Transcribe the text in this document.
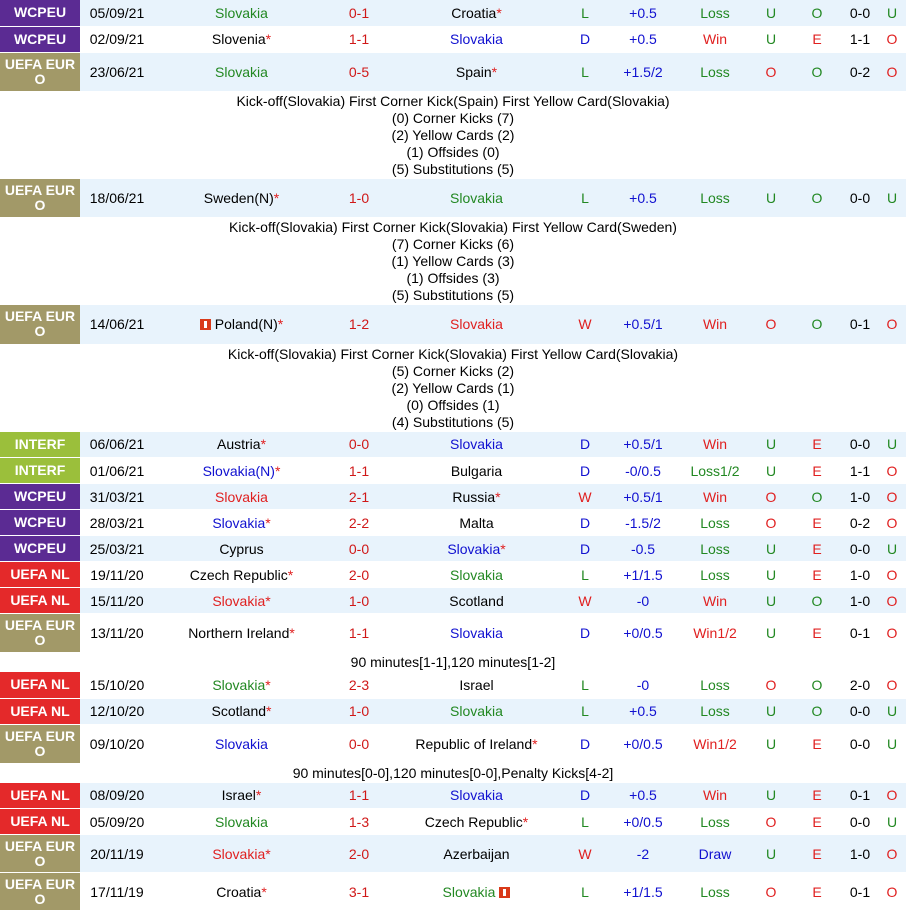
WCPEU	05/09/21	Slovakia	0-1	Croatia*	L	+0.5	Loss	U	O	0-0	U
WCPEU	02/09/21	Slovenia*	1-1	Slovakia	D	+0.5	Win	U	E	1-1	O
UEFA EURO	23/06/21	Slovakia	0-5	Spain*	L	+1.5/2	Loss	O	O	0-2	O

Kick-off(Slovakia) First Corner Kick(Spain) First Yellow Card(Slovakia)
(0) Corner Kicks (7)
(2) Yellow Cards (2)
(1) Offsides (0)
(5) Substitutions (5)											

UEFA EURO	18/06/21	Sweden(N)*	1-0	Slovakia	L	+0.5	Loss	U	O	0-0	U

Kick-off(Slovakia) First Corner Kick(Slovakia) First Yellow Card(Sweden)
(7) Corner Kicks (6)
(1) Yellow Cards (3)
(1) Offsides (3)
(5) Substitutions (5)											

UEFA EURO	14/06/21	Poland(N)*	1-2	Slovakia	W	+0.5/1	Win	O	O	0-1	O

Kick-off(Slovakia) First Corner Kick(Slovakia) First Yellow Card(Slovakia)
(5) Corner Kicks (2)
(2) Yellow Cards (1)
(0) Offsides (1)
(4) Substitutions (5)											

INTERF	06/06/21	Austria*	0-0	Slovakia	D	+0.5/1	Win	U	E	0-0	U
INTERF	01/06/21	Slovakia(N)*	1-1	Bulgaria	D	-0/0.5	Loss1/2	U	E	1-1	O
WCPEU	31/03/21	Slovakia	2-1	Russia*	W	+0.5/1	Win	O	O	1-0	O
WCPEU	28/03/21	Slovakia*	2-2	Malta	D	-1.5/2	Loss	O	E	0-2	O
WCPEU	25/03/21	Cyprus	0-0	Slovakia*	D	-0.5	Loss	U	E	0-0	U
UEFA NL	19/11/20	Czech Republic*	2-0	Slovakia	L	+1/1.5	Loss	U	E	1-0	O
UEFA NL	15/11/20	Slovakia*	1-0	Scotland	W	-0	Win	U	O	1-0	O
UEFA EURO	13/11/20	Northern Ireland*	1-1	Slovakia	D	+0/0.5	Win1/2	U	E	0-1	O

90 minutes[1-1],120 minutes[1-2]											

UEFA NL	15/10/20	Slovakia*	2-3	Israel	L	-0	Loss	O	O	2-0	O
UEFA NL	12/10/20	Scotland*	1-0	Slovakia	L	+0.5	Loss	U	O	0-0	U
UEFA EURO	09/10/20	Slovakia	0-0	Republic of Ireland*	D	+0/0.5	Win1/2	U	E	0-0	U

90 minutes[0-0],120 minutes[0-0],Penalty Kicks[4-2]											

UEFA NL	08/09/20	Israel*	1-1	Slovakia	D	+0.5	Win	U	E	0-1	O
UEFA NL	05/09/20	Slovakia	1-3	Czech Republic*	L	+0/0.5	Loss	O	E	0-0	U
UEFA EURO	20/11/19	Slovakia*	2-0	Azerbaijan	W	-2	Draw	U	E	1-0	O
UEFA EURO	17/11/19	Croatia*	3-1	Slovakia	L	+1/1.5	Loss	O	E	0-1	O
